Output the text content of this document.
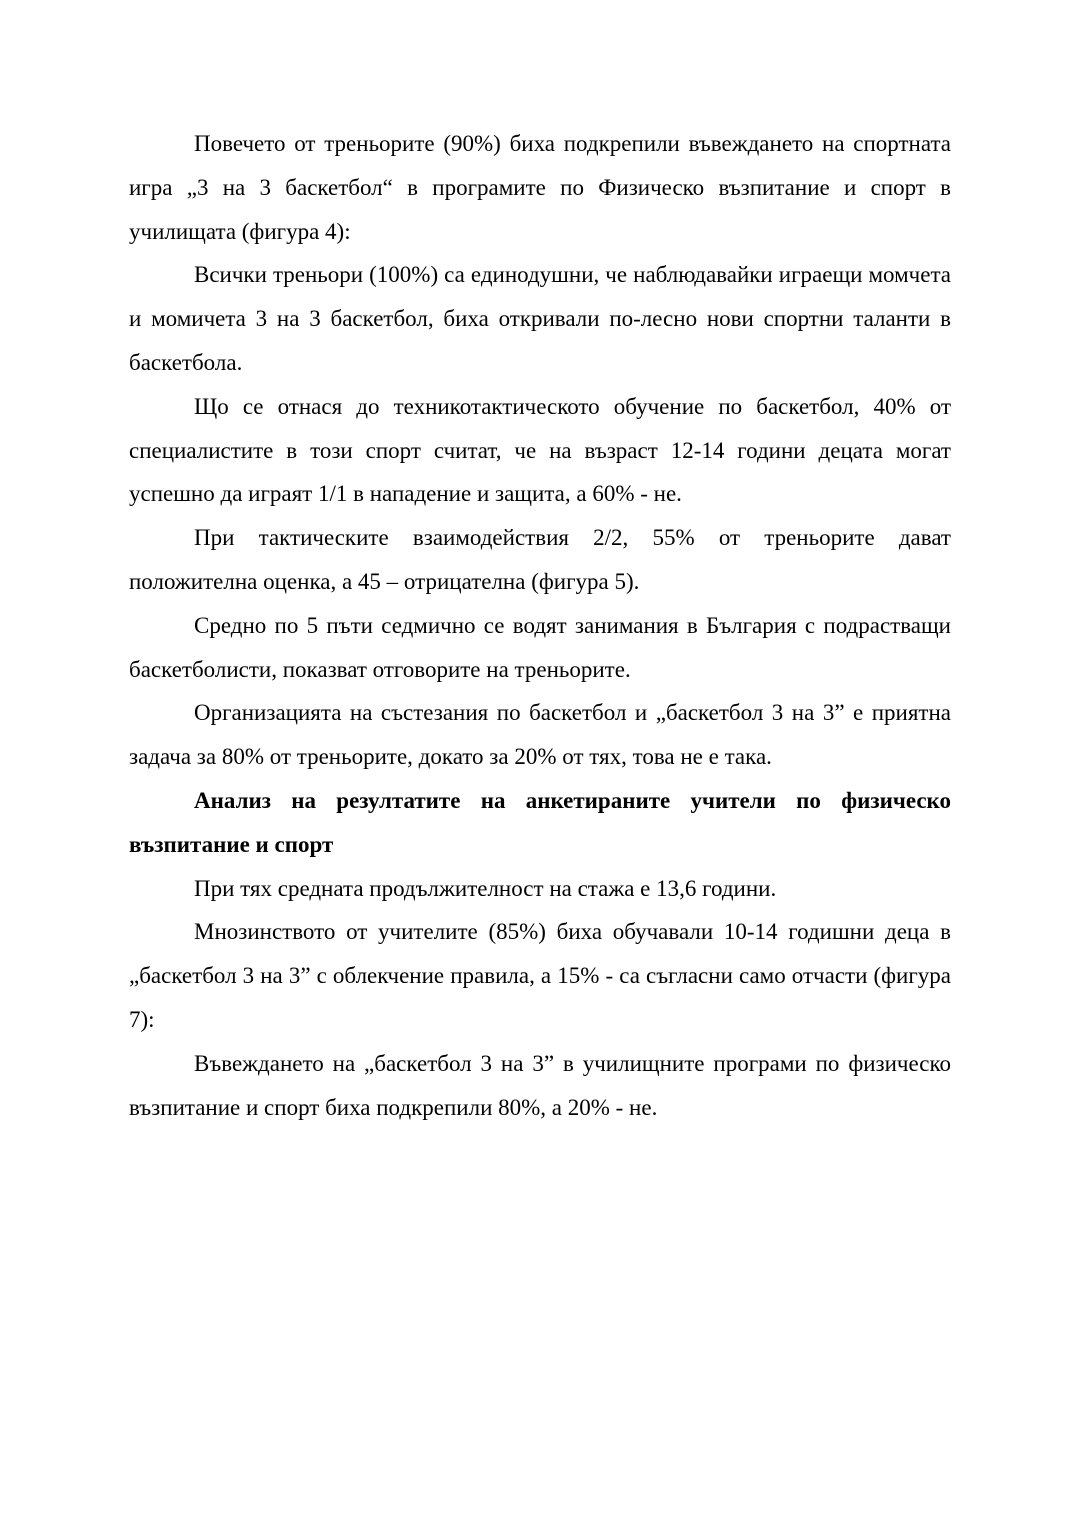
Повечето от треньорите (90%) биха подкрепили въвеждането на спортната игра „3 на 3 баскетбол“ в програмите по Физическо възпитание и спорт в училищата (фигура 4):

Всички треньори (100%) са единодушни, че наблюдавайки играещи момчета и момичета 3 на 3 баскетбол, биха откривали по-лесно нови спортни таланти в баскетбола.

Що се отнася до техникотактическото обучение по баскетбол, 40% от специалистите в този спорт считат, че на възраст 12-14 години децата могат успешно да играят 1/1 в нападение и защита, а 60% - не.

При тактическите взаимодействия 2/2, 55% от треньорите дават положителна оценка, а 45 – отрицателна (фигура 5).

Средно по 5 пъти седмично се водят занимания в България с подрастващи баскетболисти, показват отговорите на треньорите.

Организацията на състезания по баскетбол и „баскетбол 3 на 3” е приятна задача за 80% от треньорите, докато за 20% от тях, това не е така.

Анализ на резултатите на анкетираните учители по физическо възпитание и спорт

При тях средната продължителност на стажа е 13,6 години.

Мнозинството от учителите (85%) биха обучавали 10-14 годишни деца в „баскетбол 3 на 3” с облекчение правила, а 15% - са съгласни само отчасти (фигура 7):

Въвеждането на „баскетбол 3 на 3” в училищните програми по физическо възпитание и спорт биха подкрепили 80%, а 20% - не.
